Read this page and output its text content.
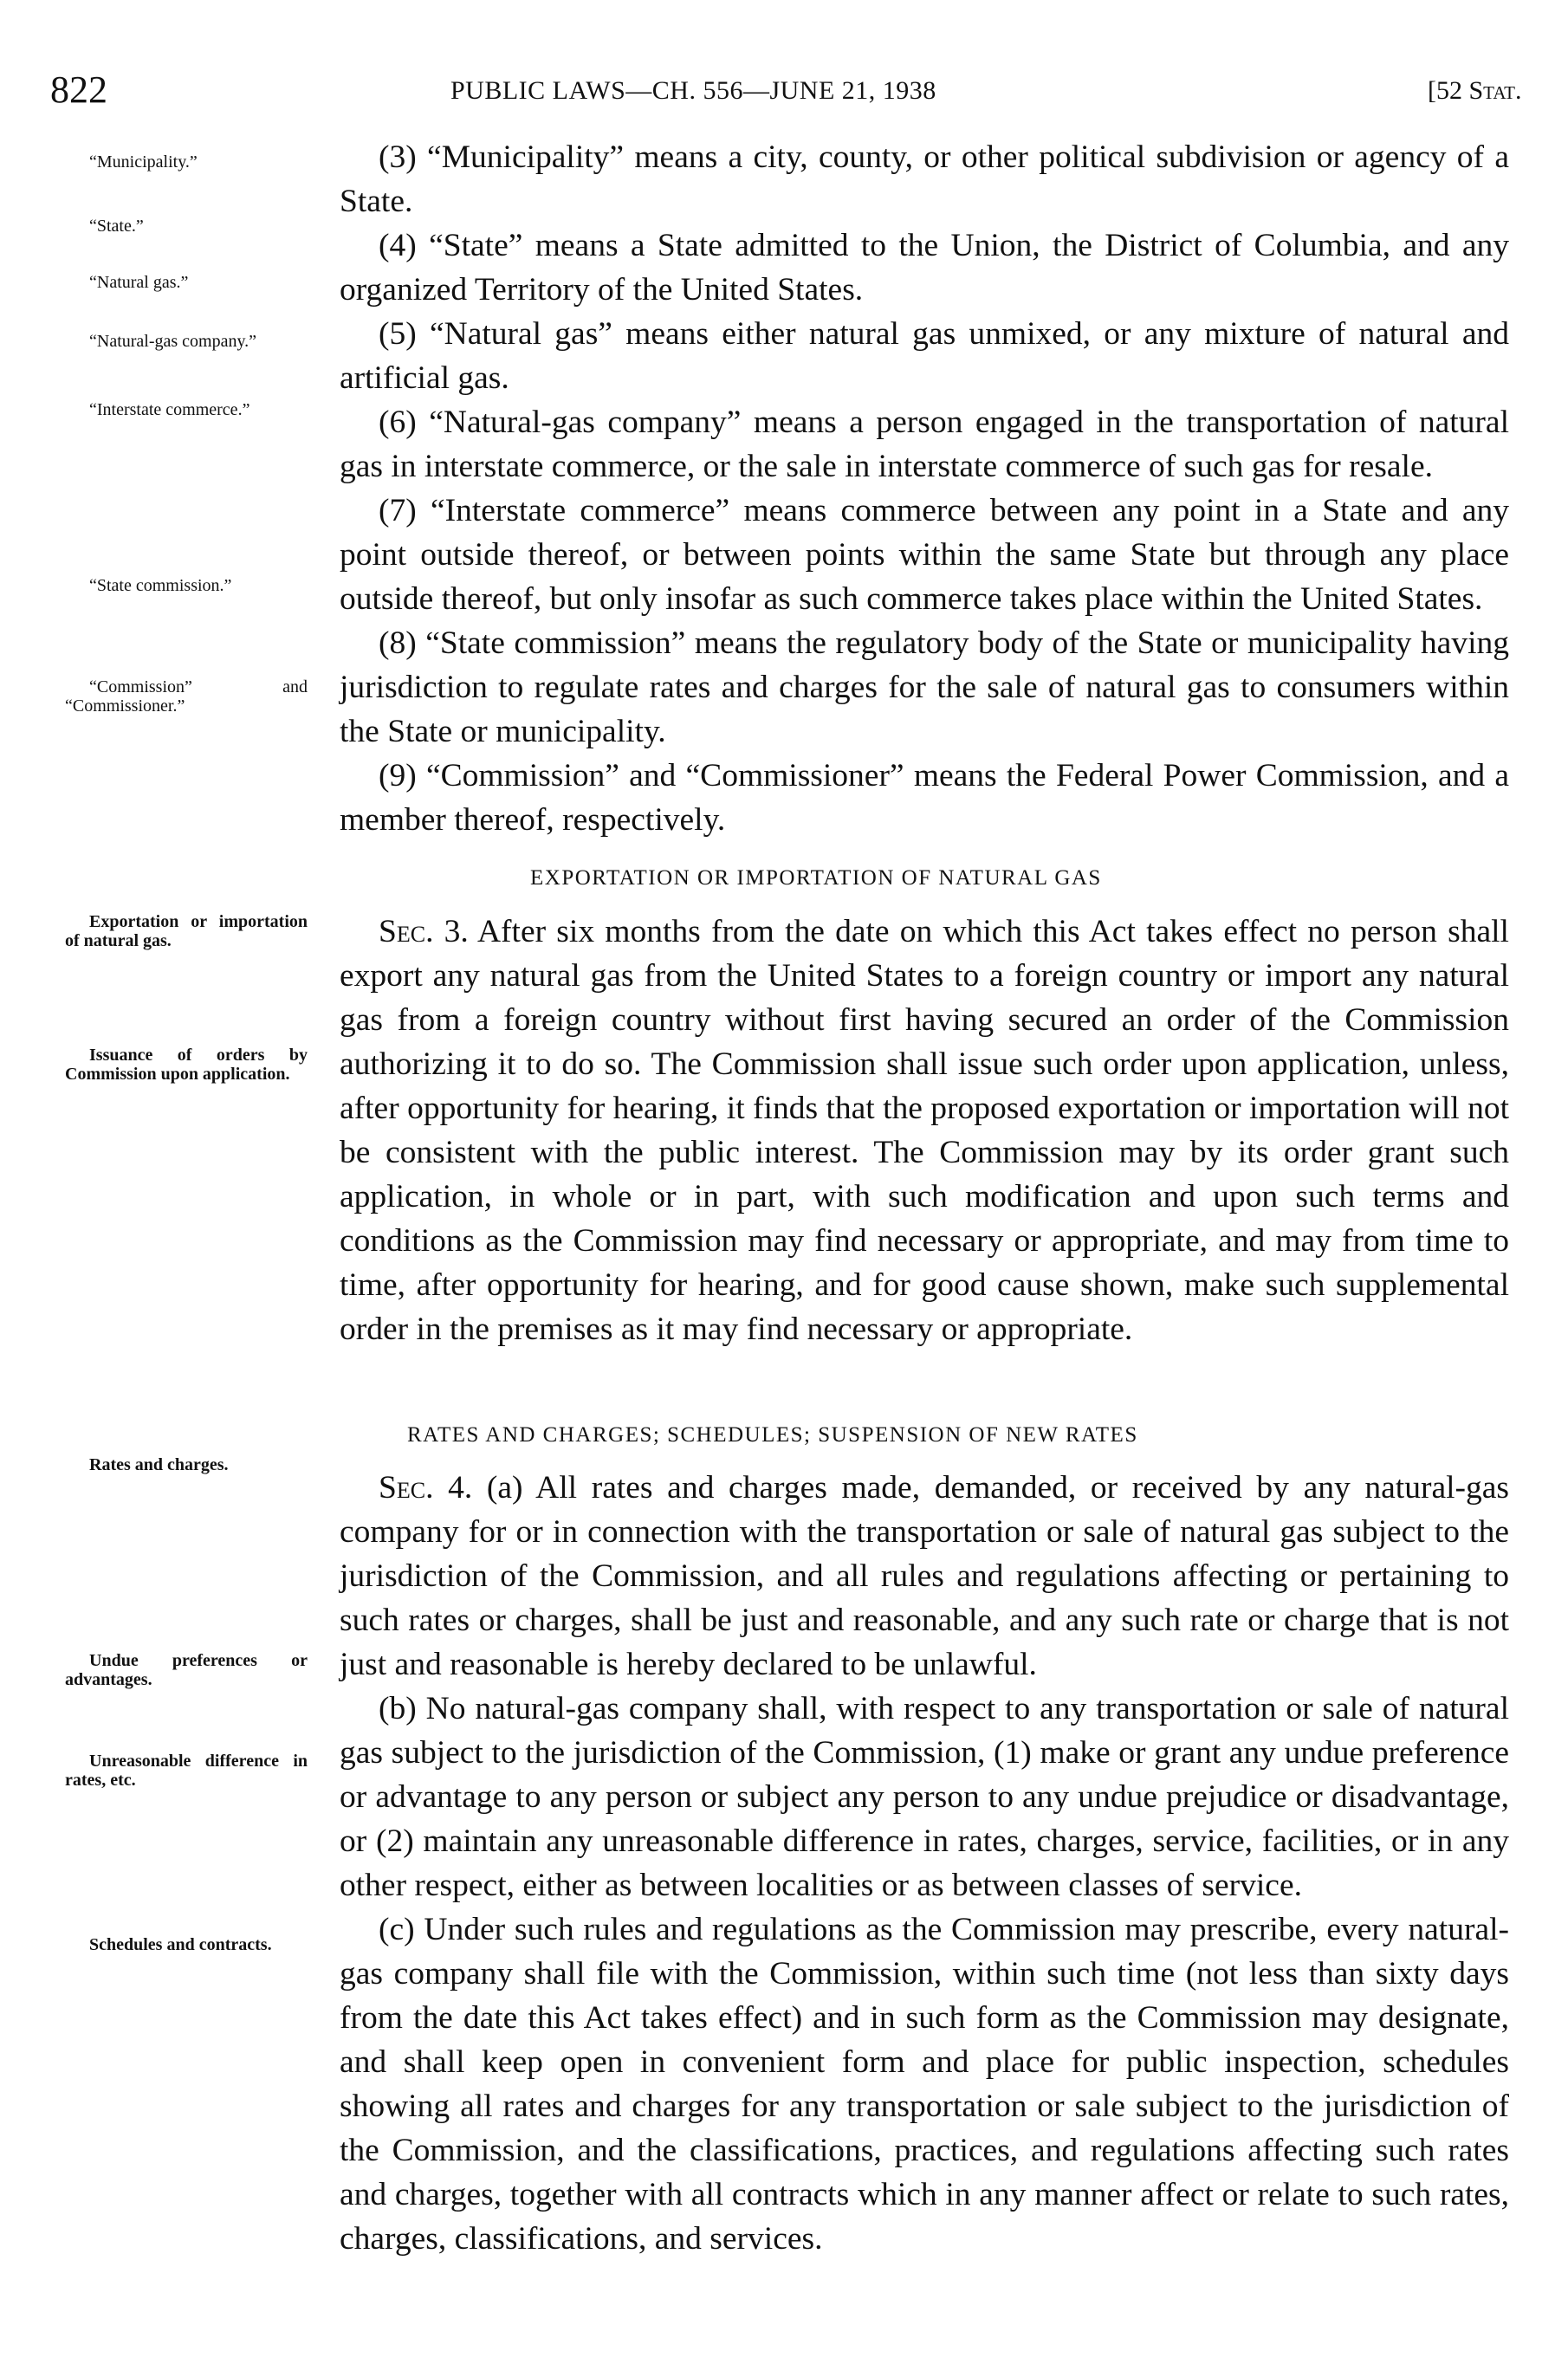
822	PUBLIC LAWS—CH. 556—JUNE 21, 1938	[52 Stat.
“Municipality.”
“State.”
“Natural gas.”
“Natural-gas company.”
“Interstate commerce.”
“State commission.”
“Commission” and “Commissioner.”
Exportation or importation of natural gas.
Issuance of orders by Commission upon application.
Rates and charges.
Undue preferences or advantages.
Unreasonable difference in rates, etc.
Schedules and contracts.

(3) “Municipality” means a city, county, or other political subdivision or agency of a State.

(4) “State” means a State admitted to the Union, the District of Columbia, and any organized Territory of the United States.

(5) “Natural gas” means either natural gas unmixed, or any mixture of natural and artificial gas.

(6) “Natural-gas company” means a person engaged in the transportation of natural gas in interstate commerce, or the sale in interstate commerce of such gas for resale.

(7) “Interstate commerce” means commerce between any point in a State and any point outside thereof, or between points within the same State but through any place outside thereof, but only insofar as such commerce takes place within the United States.

(8) “State commission” means the regulatory body of the State or municipality having jurisdiction to regulate rates and charges for the sale of natural gas to consumers within the State or municipality.

(9) “Commission” and “Commissioner” means the Federal Power Commission, and a member thereof, respectively.

EXPORTATION OR IMPORTATION OF NATURAL GAS

Sec. 3. After six months from the date on which this Act takes effect no person shall export any natural gas from the United States to a foreign country or import any natural gas from a foreign country without first having secured an order of the Commission authorizing it to do so. The Commission shall issue such order upon application, unless, after opportunity for hearing, it finds that the proposed exportation or importation will not be consistent with the public interest. The Commission may by its order grant such application, in whole or in part, with such modification and upon such terms and conditions as the Commission may find necessary or appropriate, and may from time to time, after opportunity for hearing, and for good cause shown, make such supplemental order in the premises as it may find necessary or appropriate.

RATES AND CHARGES; SCHEDULES; SUSPENSION OF NEW RATES

Sec. 4. (a) All rates and charges made, demanded, or received by any natural-gas company for or in connection with the transportation or sale of natural gas subject to the jurisdiction of the Commission, and all rules and regulations affecting or pertaining to such rates or charges, shall be just and reasonable, and any such rate or charge that is not just and reasonable is hereby declared to be unlawful.

(b) No natural-gas company shall, with respect to any transportation or sale of natural gas subject to the jurisdiction of the Commission, (1) make or grant any undue preference or advantage to any person or subject any person to any undue prejudice or disadvantage, or (2) maintain any unreasonable difference in rates, charges, service, facilities, or in any other respect, either as between localities or as between classes of service.

(c) Under such rules and regulations as the Commission may prescribe, every natural-gas company shall file with the Commission, within such time (not less than sixty days from the date this Act takes effect) and in such form as the Commission may designate, and shall keep open in convenient form and place for public inspection, schedules showing all rates and charges for any transportation or sale subject to the jurisdiction of the Commission, and the classifications, practices, and regulations affecting such rates and charges, together with all contracts which in any manner affect or relate to such rates, charges, classifications, and services.
